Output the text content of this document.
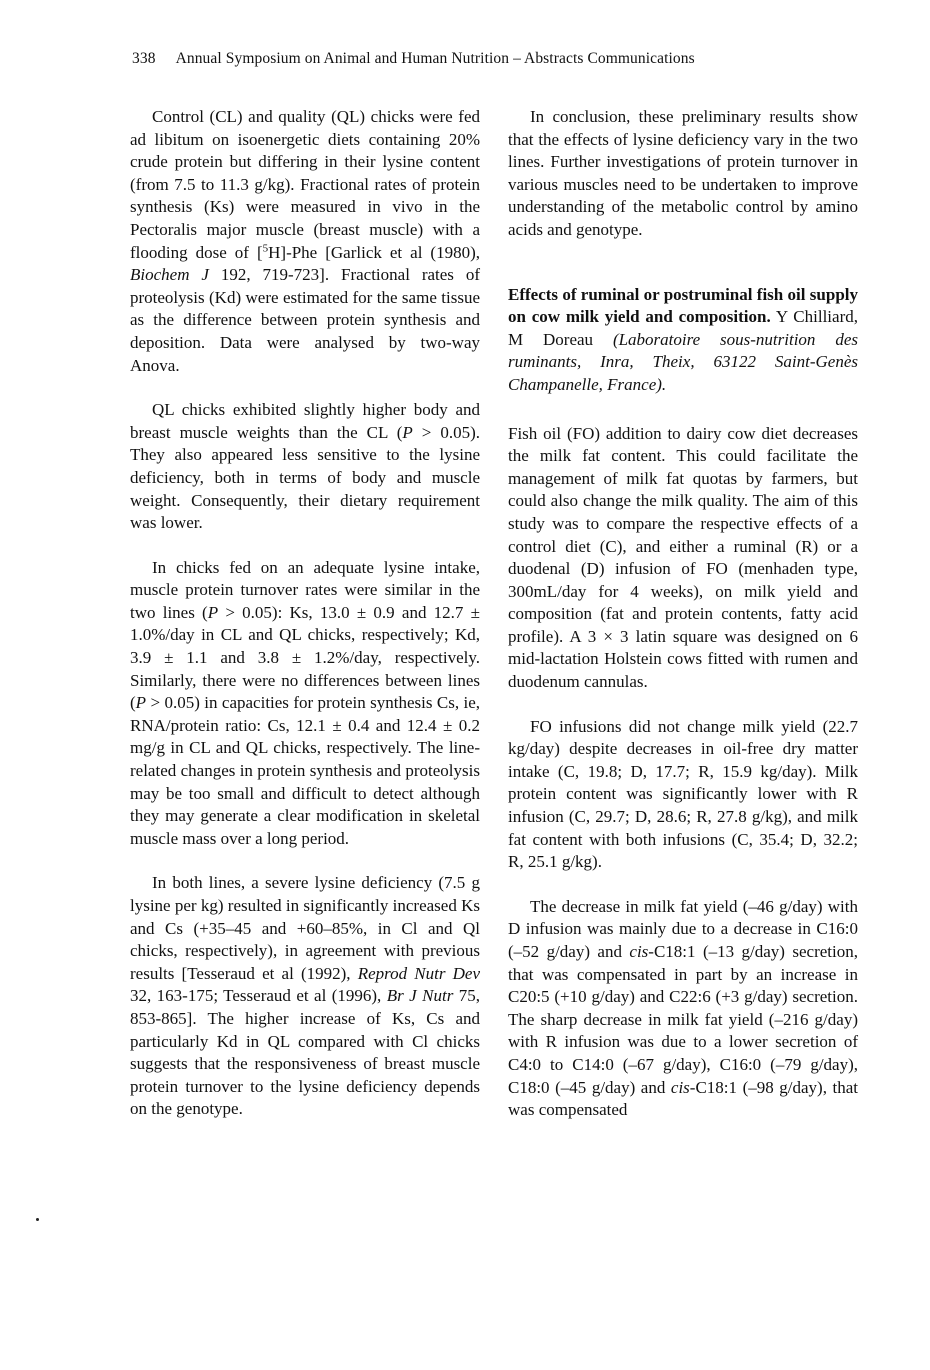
338 Annual Symposium on Animal and Human Nutrition – Abstracts Communications

Control (CL) and quality (QL) chicks were fed ad libitum on isoenergetic diets containing 20% crude protein but differing in their lysine content (from 7.5 to 11.3 g/kg). Fractional rates of protein synthesis (Ks) were measured in vivo in the Pectoralis major muscle (breast muscle) with a flooding dose of [$^5$H]-Phe [Garlick et al (1980), Biochem J 192, 719-723]. Fractional rates of proteolysis (Kd) were estimated for the same tissue as the difference between protein synthesis and deposition. Data were analysed by two-way Anova.

QL chicks exhibited slightly higher body and breast muscle weights than the CL (P > 0.05). They also appeared less sensitive to the lysine deficiency, both in terms of body and muscle weight. Consequently, their dietary requirement was lower.

In chicks fed on an adequate lysine intake, muscle protein turnover rates were similar in the two lines (P > 0.05): Ks, 13.0 ± 0.9 and 12.7 ± 1.0%/day in CL and QL chicks, respectively; Kd, 3.9 ± 1.1 and 3.8 ± 1.2%/day, respectively. Similarly, there were no differences between lines (P > 0.05) in capacities for protein synthesis Cs, ie, RNA/protein ratio: Cs, 12.1 ± 0.4 and 12.4 ± 0.2 mg/g in CL and QL chicks, respectively. The line-related changes in protein synthesis and proteolysis may be too small and difficult to detect although they may generate a clear modification in skeletal muscle mass over a long period.

In both lines, a severe lysine deficiency (7.5 g lysine per kg) resulted in significantly increased Ks and Cs (+35–45 and +60–85%, in Cl and Ql chicks, respectively), in agreement with previous results [Tesseraud et al (1992), Reprod Nutr Dev 32, 163-175; Tesseraud et al (1996), Br J Nutr 75, 853-865]. The higher increase of Ks, Cs and particularly Kd in QL compared with Cl chicks suggests that the responsiveness of breast muscle protein turnover to the lysine deficiency depends on the genotype.

In conclusion, these preliminary results show that the effects of lysine deficiency vary in the two lines. Further investigations of protein turnover in various muscles need to be undertaken to improve understanding of the metabolic control by amino acids and genotype.

Effects of ruminal or postruminal fish oil supply on cow milk yield and composition. Y Chilliard, M Doreau (Laboratoire sous-nutrition des ruminants, Inra, Theix, 63122 Saint-Genès Champanelle, France).

Fish oil (FO) addition to dairy cow diet decreases the milk fat content. This could facilitate the management of milk fat quotas by farmers, but could also change the milk quality. The aim of this study was to compare the respective effects of a control diet (C), and either a ruminal (R) or a duodenal (D) infusion of FO (menhaden type, 300mL/day for 4 weeks), on milk yield and composition (fat and protein contents, fatty acid profile). A 3 × 3 latin square was designed on 6 mid-lactation Holstein cows fitted with rumen and duodenum cannulas.

FO infusions did not change milk yield (22.7 kg/day) despite decreases in oil-free dry matter intake (C, 19.8; D, 17.7; R, 15.9 kg/day). Milk protein content was significantly lower with R infusion (C, 29.7; D, 28.6; R, 27.8 g/kg), and milk fat content with both infusions (C, 35.4; D, 32.2; R, 25.1 g/kg).

The decrease in milk fat yield (–46 g/day) with D infusion was mainly due to a decrease in C16:0 (–52 g/day) and cis-C18:1 (–13 g/day) secretion, that was compensated in part by an increase in C20:5 (+10 g/day) and C22:6 (+3 g/day) secretion. The sharp decrease in milk fat yield (–216 g/day) with R infusion was due to a lower secretion of C4:0 to C14:0 (–67 g/day), C16:0 (–79 g/day), C18:0 (–45 g/day) and cis-C18:1 (–98 g/day), that was compensated
